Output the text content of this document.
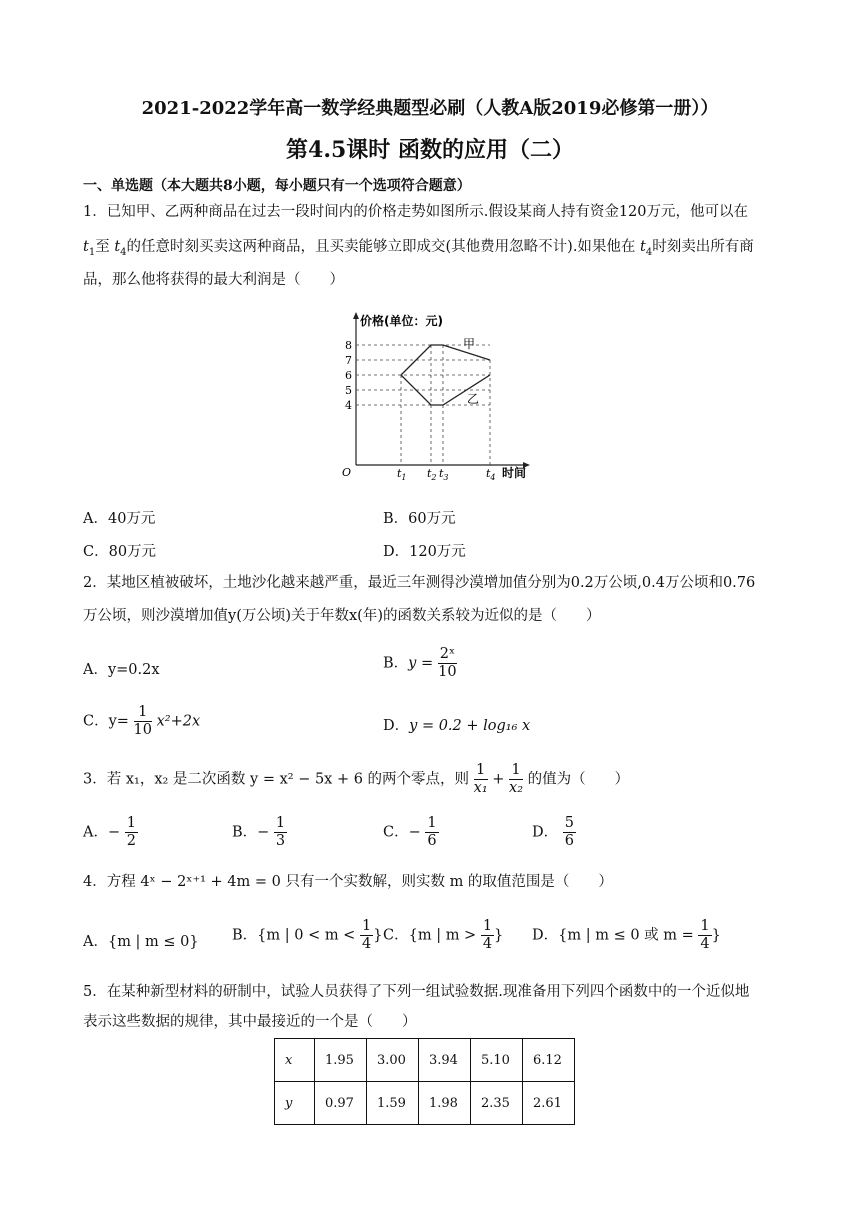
2021-2022学年高一数学经典题型必刷（人教A版2019必修第一册））
第4.5课时 函数的应用（二）
一、单选题（本大题共8小题，每小题只有一个选项符合题意）
1．已知甲、乙两种商品在过去一段时间内的价格走势如图所示.假设某商人持有资金120万元，他可以在
$t_1$至 $t_4$的任意时刻买卖这两种商品，且买卖能够立即成交(其他费用忽略不计).如果他在 $t_4$时刻卖出所有商
品，那么他将获得的最大利润是（　　）
价格(单位：元)
时间
O
4
5
6
7
8
$t_1$ $t_2$ $t_3$	$t_4$
甲
乙
A．40万元	B．60万元
C．80万元	D．120万元
2．某地区植被破坏，土地沙化越来越严重，最近三年测得沙漠增加值分别为0.2万公顷,0.4万公顷和0.76
万公顷，则沙漠增加值y(万公顷)关于年数x(年)的函数关系较为近似的是（　　）
A．y=0.2x	B．$y = \frac{\text{2ˣ}}{10}$
C．$y= \frac{1}{10} x^2+2x$	D．y = 0.2 + log₁₆ x
3．若 x₁，x₂ 是二次函数 y = x² − 5x + 6 的两个零点，则 $\frac{1}{\text{x₁}} + \frac{1}{\text{x₂}}$ 的值为（　　）
A．− $\frac{1}{2}$	B．− $\frac{1}{3}$	C．− $\frac{1}{6}$	D． $\frac{5}{6}$
4．方程 4ˣ − 2ˣ⁺¹ + 4m = 0 只有一个实数解，则实数 m 的取值范围是（　　）
A．{m | m ≤ 0} B．{m | $0 < m < \frac{1}{4}$ } C．{m | $m > \frac{1}{4}$ } D．{m | m ≤ 0 或 $m = \frac{1}{4}$ }
5．在某种新型材料的研制中，试验人员获得了下列一组试验数据.现准备用下列四个函数中的一个近似地
表示这些数据的规律，其中最接近的一个是（　　）
x	1.95	3.00	3.94	5.10	6.12
y	0.97	1.59	1.98	2.35	2.61
